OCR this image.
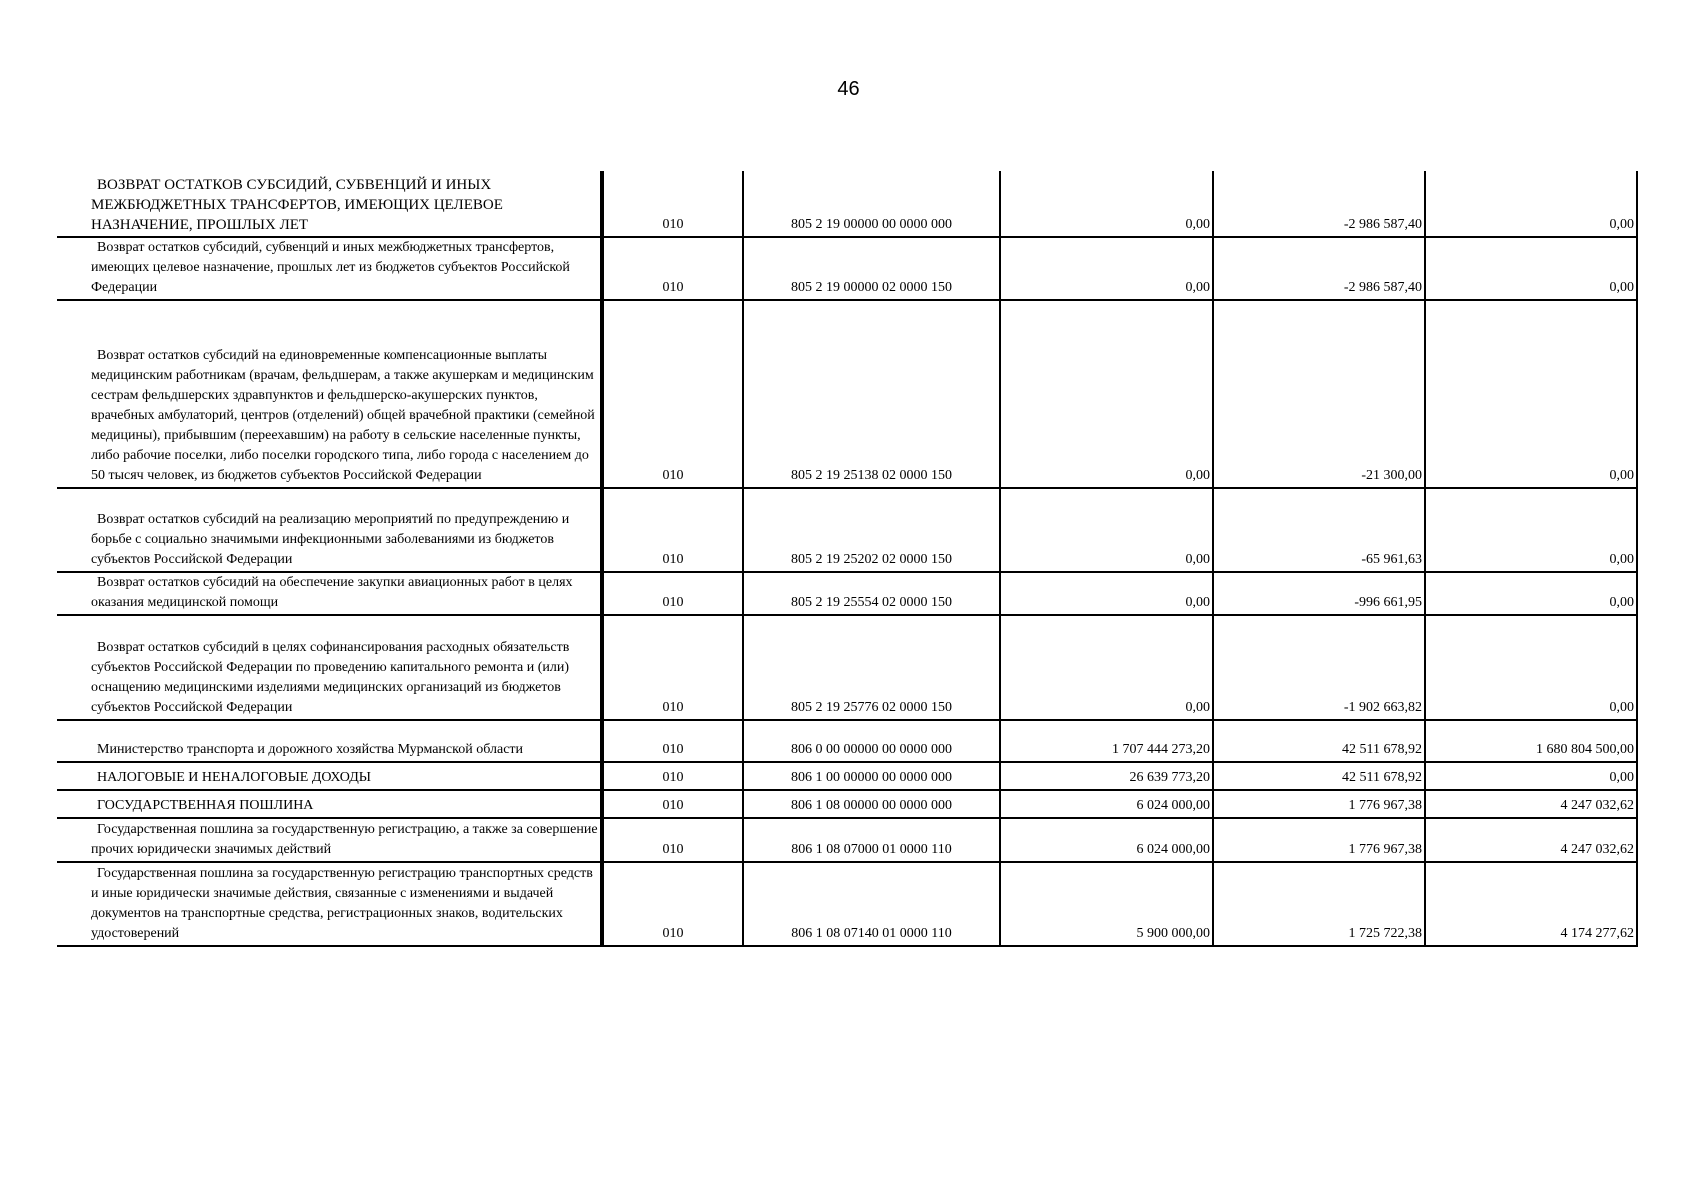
46
ВОЗВРАТ ОСТАТКОВ СУБСИДИЙ, СУБВЕНЦИЙ И ИНЫХ МЕЖБЮДЖЕТНЫХ ТРАНСФЕРТОВ, ИМЕЮЩИХ ЦЕЛЕВОЕ НАЗНАЧЕНИЕ, ПРОШЛЫХ ЛЕТ	010	805 2 19 00000 00 0000 000	0,00	-2 986 587,40	0,00
Возврат остатков субсидий, субвенций и иных межбюджетных трансфертов, имеющих целевое назначение, прошлых лет из бюджетов субъектов Российской Федерации	010	805 2 19 00000 02 0000 150	0,00	-2 986 587,40	0,00
Возврат остатков субсидий на единовременные компенсационные выплаты медицинским работникам (врачам, фельдшерам, а также акушеркам и медицинским сестрам фельдшерских здравпунктов и фельдшерско-акушерских пунктов, врачебных амбулаторий, центров (отделений) общей врачебной практики (семейной медицины), прибывшим (переехавшим) на работу в сельские населенные пункты, либо рабочие поселки, либо поселки городского типа, либо города с населением до 50 тысяч человек, из бюджетов субъектов Российской Федерации	010	805 2 19 25138 02 0000 150	0,00	-21 300,00	0,00
Возврат остатков субсидий на реализацию мероприятий по предупреждению и борьбе с социально значимыми инфекционными заболеваниями из бюджетов субъектов Российской Федерации	010	805 2 19 25202 02 0000 150	0,00	-65 961,63	0,00
Возврат остатков субсидий на обеспечение закупки авиационных работ в целях оказания медицинской помощи	010	805 2 19 25554 02 0000 150	0,00	-996 661,95	0,00
Возврат остатков субсидий в целях софинансирования расходных обязательств субъектов Российской Федерации по проведению капитального ремонта и (или) оснащению медицинскими изделиями медицинских организаций из бюджетов субъектов Российской Федерации	010	805 2 19 25776 02 0000 150	0,00	-1 902 663,82	0,00
Министерство транспорта и дорожного хозяйства Мурманской области	010	806 0 00 00000 00 0000 000	1 707 444 273,20	42 511 678,92	1 680 804 500,00
НАЛОГОВЫЕ И НЕНАЛОГОВЫЕ ДОХОДЫ	010	806 1 00 00000 00 0000 000	26 639 773,20	42 511 678,92	0,00
ГОСУДАРСТВЕННАЯ ПОШЛИНА	010	806 1 08 00000 00 0000 000	6 024 000,00	1 776 967,38	4 247 032,62
Государственная пошлина за государственную регистрацию, а также за совершение прочих юридически значимых действий	010	806 1 08 07000 01 0000 110	6 024 000,00	1 776 967,38	4 247 032,62
Государственная пошлина за государственную регистрацию транспортных средств и иные юридически значимые действия, связанные с изменениями и выдачей документов на транспортные средства, регистрационных знаков, водительских удостоверений	010	806 1 08 07140 01 0000 110	5 900 000,00	1 725 722,38	4 174 277,62
